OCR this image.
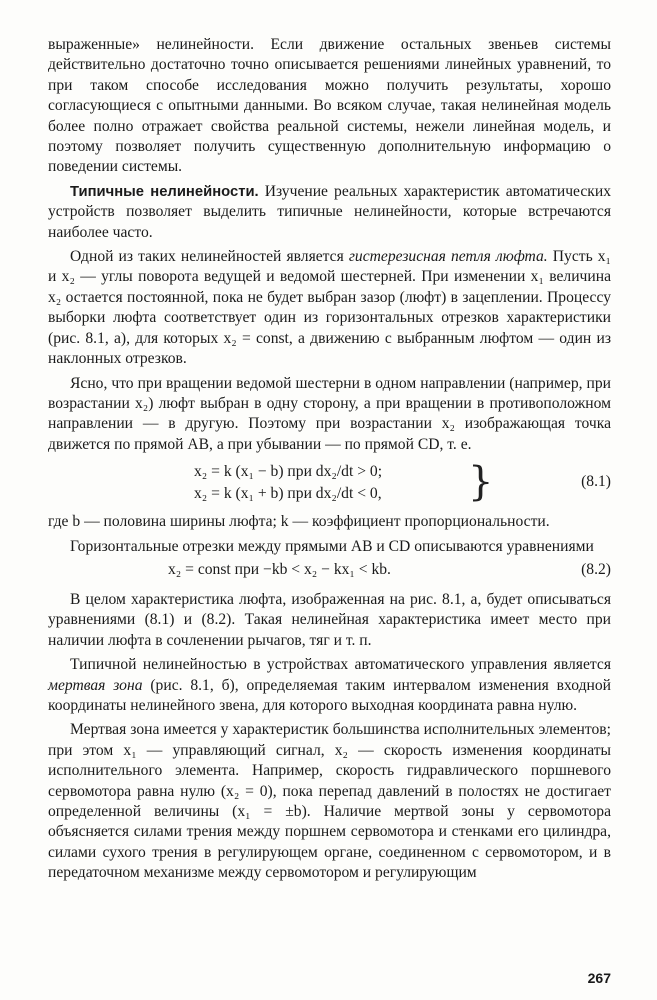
выраженные» нелинейности. Если движение остальных звеньев системы действительно достаточно точно описывается решениями линейных уравнений, то при таком способе исследования можно получить результаты, хорошо согласующиеся с опытными данными. Во всяком случае, такая нелинейная модель более полно отражает свойства реальной системы, нежели линейная модель, и поэтому позволяет получить существенную дополнительную информацию о поведении системы.

Типичные нелинейности. Изучение реальных характеристик автоматических устройств позволяет выделить типичные нелинейности, которые встречаются наиболее часто.

Одной из таких нелинейностей является гистерезисная петля люфта. Пусть x₁ и x₂ — углы поворота ведущей и ведомой шестерней. При изменении x₁ величина x₂ остается постоянной, пока не будет выбран зазор (люфт) в зацеплении. Процессу выборки люфта соответствует один из горизонтальных отрезков характеристики (рис. 8.1, а), для которых x₂ = const, а движению с выбранным люфтом — один из наклонных отрезков.

Ясно, что при вращении ведомой шестерни в одном направлении (например, при возрастании x₂) люфт выбран в одну сторону, а при вращении в противоположном направлении — в другую. Поэтому при возрастании x₂ изображающая точка движется по прямой AB, а при убывании — по прямой CD, т. е.

x₂ = k (x₁ − b) при dx₂/dt > 0;
x₂ = k (x₁ + b) при dx₂/dt < 0, }	(8.1)

где b — половина ширины люфта; k — коэффициент пропорциональности.

Горизонтальные отрезки между прямыми AB и CD описываются уравнениями

x₂ = const при −kb < x₂ − kx₁ < kb.	(8.2)

В целом характеристика люфта, изображенная на рис. 8.1, а, будет описываться уравнениями (8.1) и (8.2). Такая нелинейная характеристика имеет место при наличии люфта в сочленении рычагов, тяг и т. п.

Типичной нелинейностью в устройствах автоматического управления является мертвая зона (рис. 8.1, б), определяемая таким интервалом изменения входной координаты нелинейного звена, для которого выходная координата равна нулю.

Мертвая зона имеется у характеристик большинства исполнительных элементов; при этом x₁ — управляющий сигнал, x₂ — скорость изменения координаты исполнительного элемента. Например, скорость гидравлического поршневого сервомотора равна нулю (x₂ = 0), пока перепад давлений в полостях не достигает определенной величины (x₁ = ±b). Наличие мертвой зоны у сервомотора объясняется силами трения между поршнем сервомотора и стенками его цилиндра, силами сухого трения в регулирующем органе, соединенном с сервомотором, и в передаточном механизме между сервомотором и регулирующим

267
